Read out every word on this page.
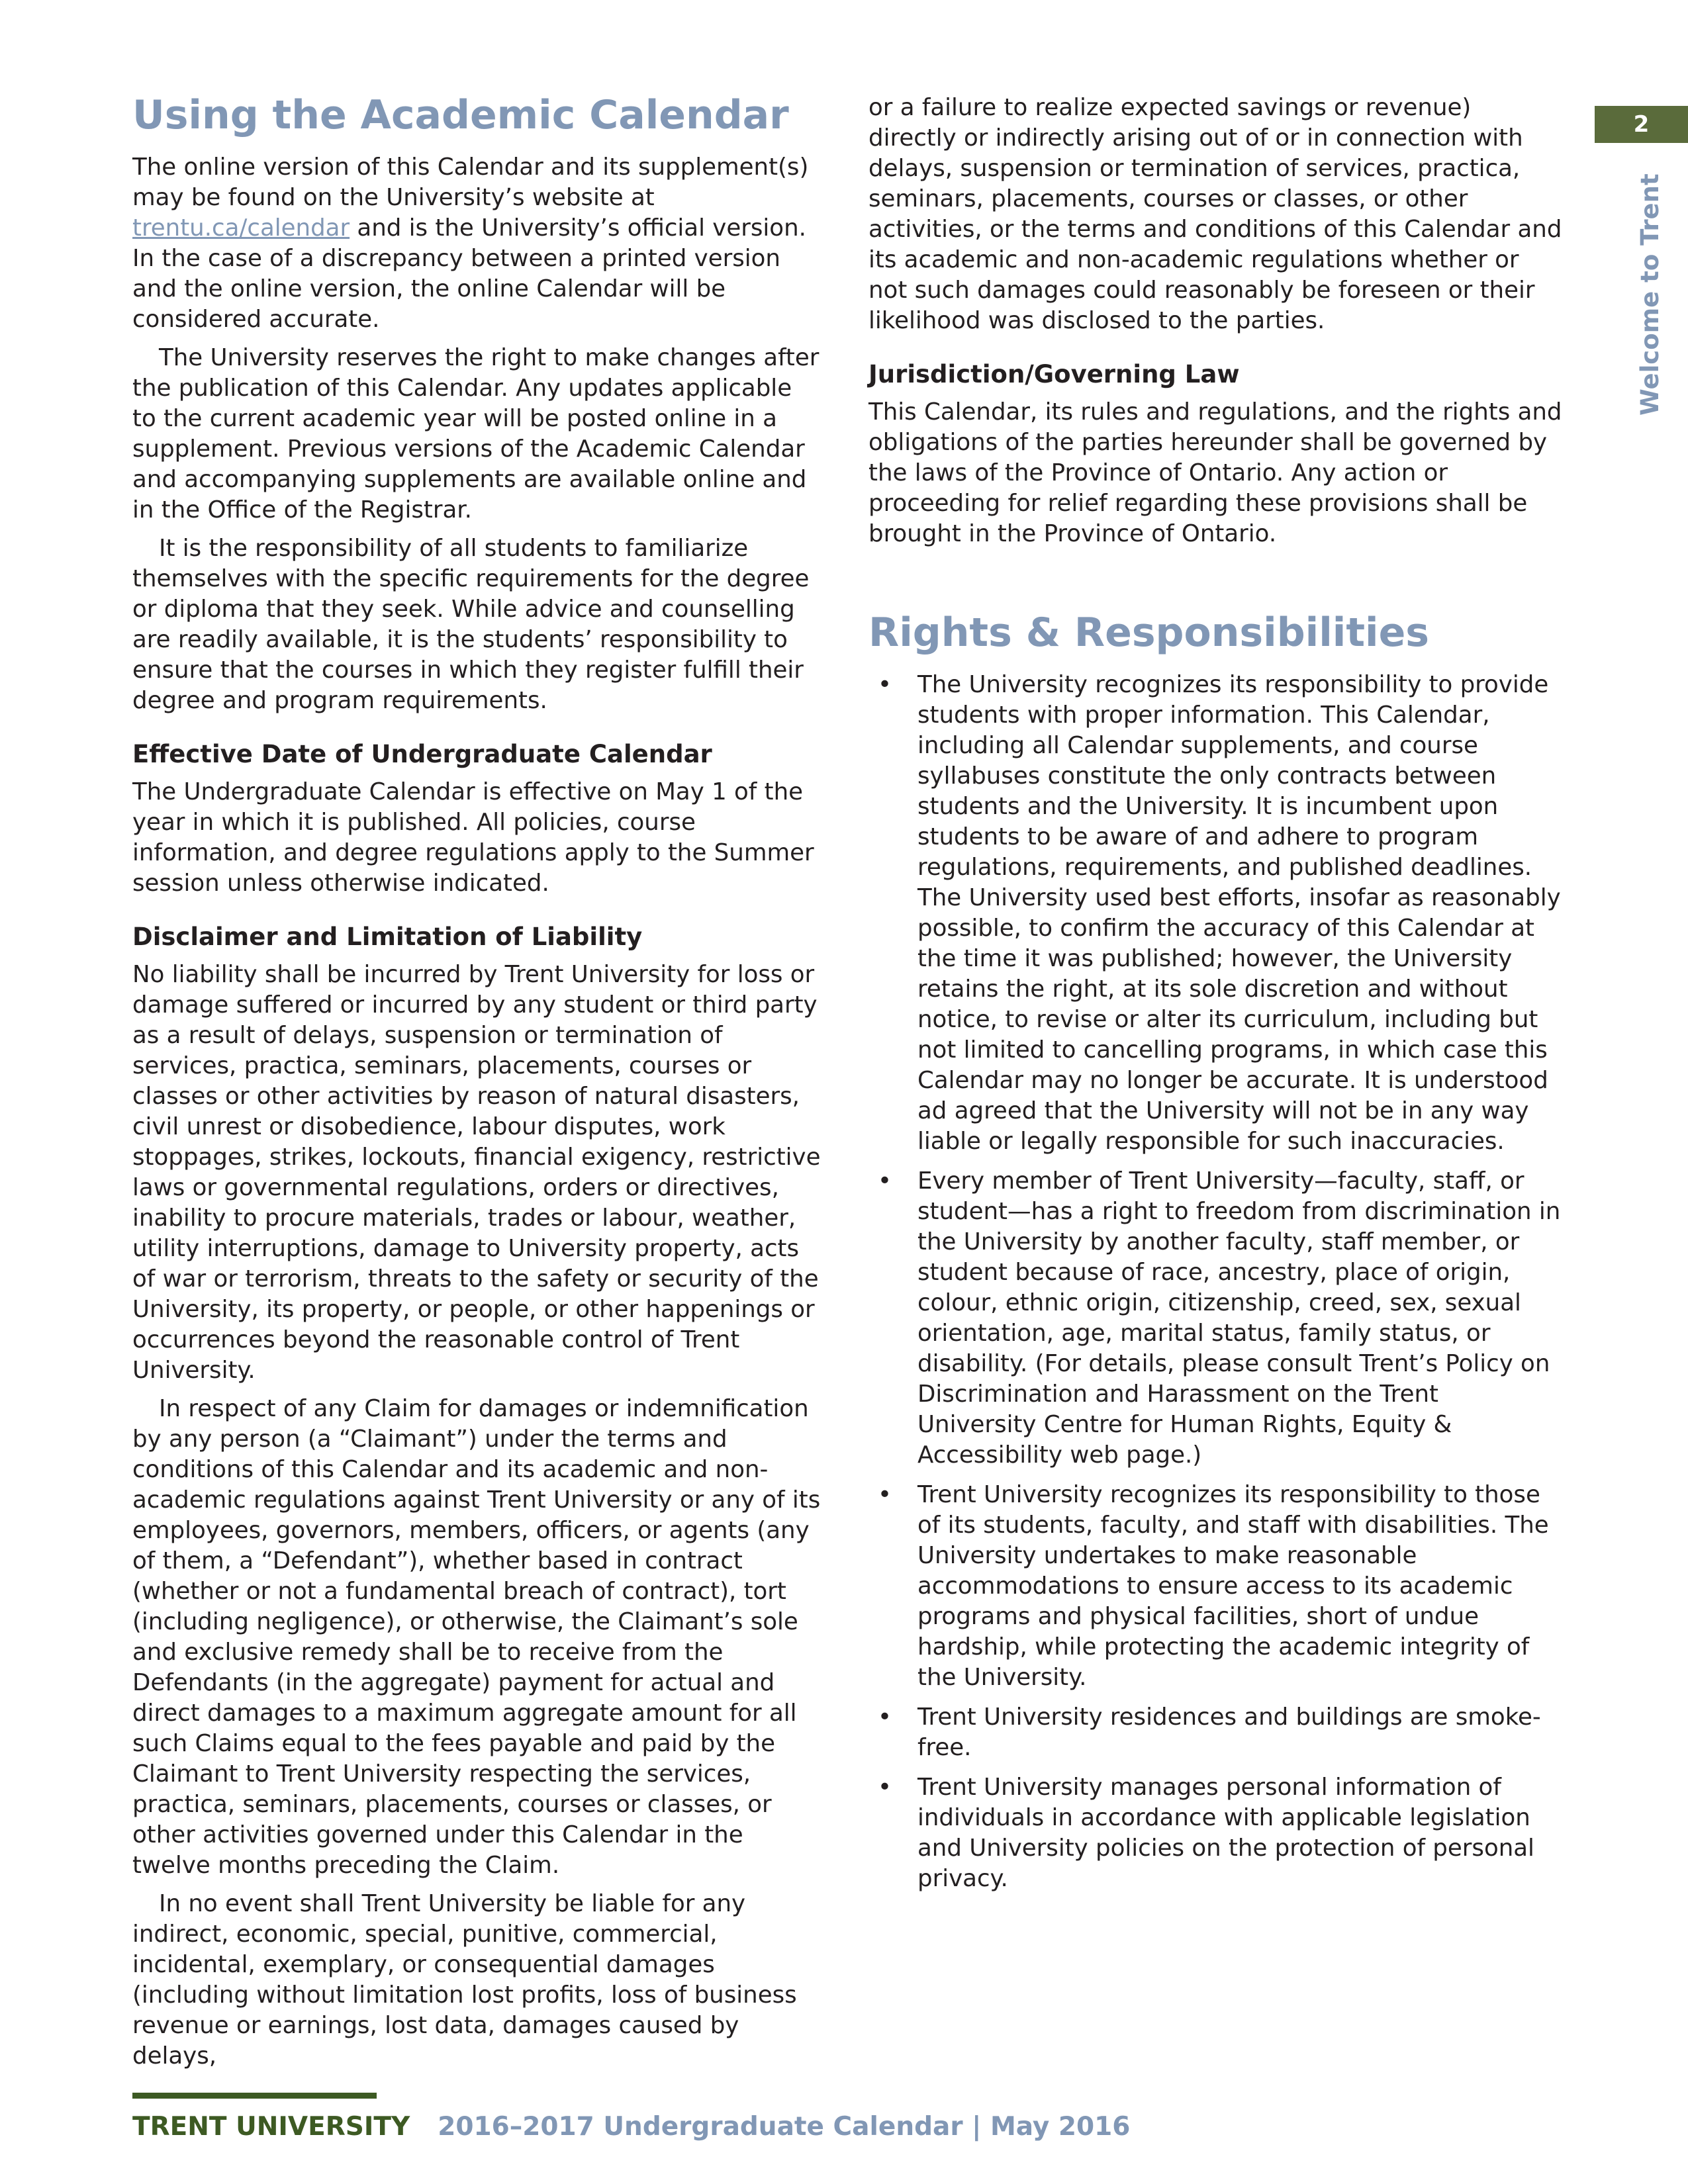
2
Welcome to Trent
Using the Academic Calendar

The online version of this Calendar and its supplement(s) may be found on the University’s website at trentu.ca/calendar and is the University’s official version. In the case of a discrepancy between a printed version and the online version, the online Calendar will be considered accurate.

The University reserves the right to make changes after the publication of this Calendar. Any updates applicable to the current academic year will be posted online in a supplement. Previous versions of the Academic Calendar and accompanying supplements are available online and in the Office of the Registrar.

It is the responsibility of all students to familiarize themselves with the specific requirements for the degree or diploma that they seek. While advice and counselling are readily available, it is the students’ responsibility to ensure that the courses in which they register fulfill their degree and program requirements.

Effective Date of Undergraduate Calendar

The Undergraduate Calendar is effective on May 1 of the year in which it is published. All policies, course information, and degree regulations apply to the Summer session unless otherwise indicated.

Disclaimer and Limitation of Liability

No liability shall be incurred by Trent University for loss or damage suffered or incurred by any student or third party as a result of delays, suspension or termination of services, practica, seminars, placements, courses or classes or other activities by reason of natural disasters, civil unrest or disobedience, labour disputes, work stoppages, strikes, lockouts, financial exigency, restrictive laws or governmental regulations, orders or directives, inability to procure materials, trades or labour, weather, utility interruptions, damage to University property, acts of war or terrorism, threats to the safety or security of the University, its property, or people, or other happenings or occurrences beyond the reasonable control of Trent University.

In respect of any Claim for damages or indemnification by any person (a “Claimant”) under the terms and conditions of this Calendar and its academic and non-academic regulations against Trent University or any of its employees, governors, members, officers, or agents (any of them, a “Defendant”), whether based in contract (whether or not a fundamental breach of contract), tort (including negligence), or otherwise, the Claimant’s sole and exclusive remedy shall be to receive from the Defendants (in the aggregate) payment for actual and direct damages to a maximum aggregate amount for all such Claims equal to the fees payable and paid by the Claimant to Trent University respecting the services, practica, seminars, placements, courses or classes, or other activities governed under this Calendar in the twelve months preceding the Claim.

In no event shall Trent University be liable for any indirect, economic, special, punitive, commercial, incidental, exemplary, or consequential damages (including without limitation lost profits, loss of business revenue or earnings, lost data, damages caused by delays,

or a failure to realize expected savings or revenue) directly or indirectly arising out of or in connection with delays, suspension or termination of services, practica, seminars, placements, courses or classes, or other activities, or the terms and conditions of this Calendar and its academic and non-academic regulations whether or not such damages could reasonably be foreseen or their likelihood was disclosed to the parties.

Jurisdiction/Governing Law

This Calendar, its rules and regulations, and the rights and obligations of the parties hereunder shall be governed by the laws of the Province of Ontario. Any action or proceeding for relief regarding these provisions shall be brought in the Province of Ontario.

Rights & Responsibilities
• The University recognizes its responsibility to provide students with proper information. This Calendar, including all Calendar supplements, and course syllabuses constitute the only contracts between students and the University. It is incumbent upon students to be aware of and adhere to program regulations, requirements, and published deadlines. The University used best efforts, insofar as reasonably possible, to confirm the accuracy of this Calendar at the time it was published; however, the University retains the right, at its sole discretion and without notice, to revise or alter its curriculum, including but not limited to cancelling programs, in which case this Calendar may no longer be accurate. It is understood ad agreed that the University will not be in any way liable or legally responsible for such inaccuracies.
• Every member of Trent University—faculty, staff, or student—has a right to freedom from discrimination in the University by another faculty, staff member, or student because of race, ancestry, place of origin, colour, ethnic origin, citizenship, creed, sex, sexual orientation, age, marital status, family status, or disability. (For details, please consult Trent’s Policy on Discrimination and Harassment on the Trent University Centre for Human Rights, Equity & Accessibility web page.)
• Trent University recognizes its responsibility to those of its students, faculty, and staff with disabilities. The University undertakes to make reasonable accommodations to ensure access to its academic programs and physical facilities, short of undue hardship, while protecting the academic integrity of the University.
• Trent University residences and buildings are smoke-free.
• Trent University manages personal information of individuals in accordance with applicable legislation and University policies on the protection of personal privacy.
TRENT UNIVERSITY 2016–2017 Undergraduate Calendar | May 2016
